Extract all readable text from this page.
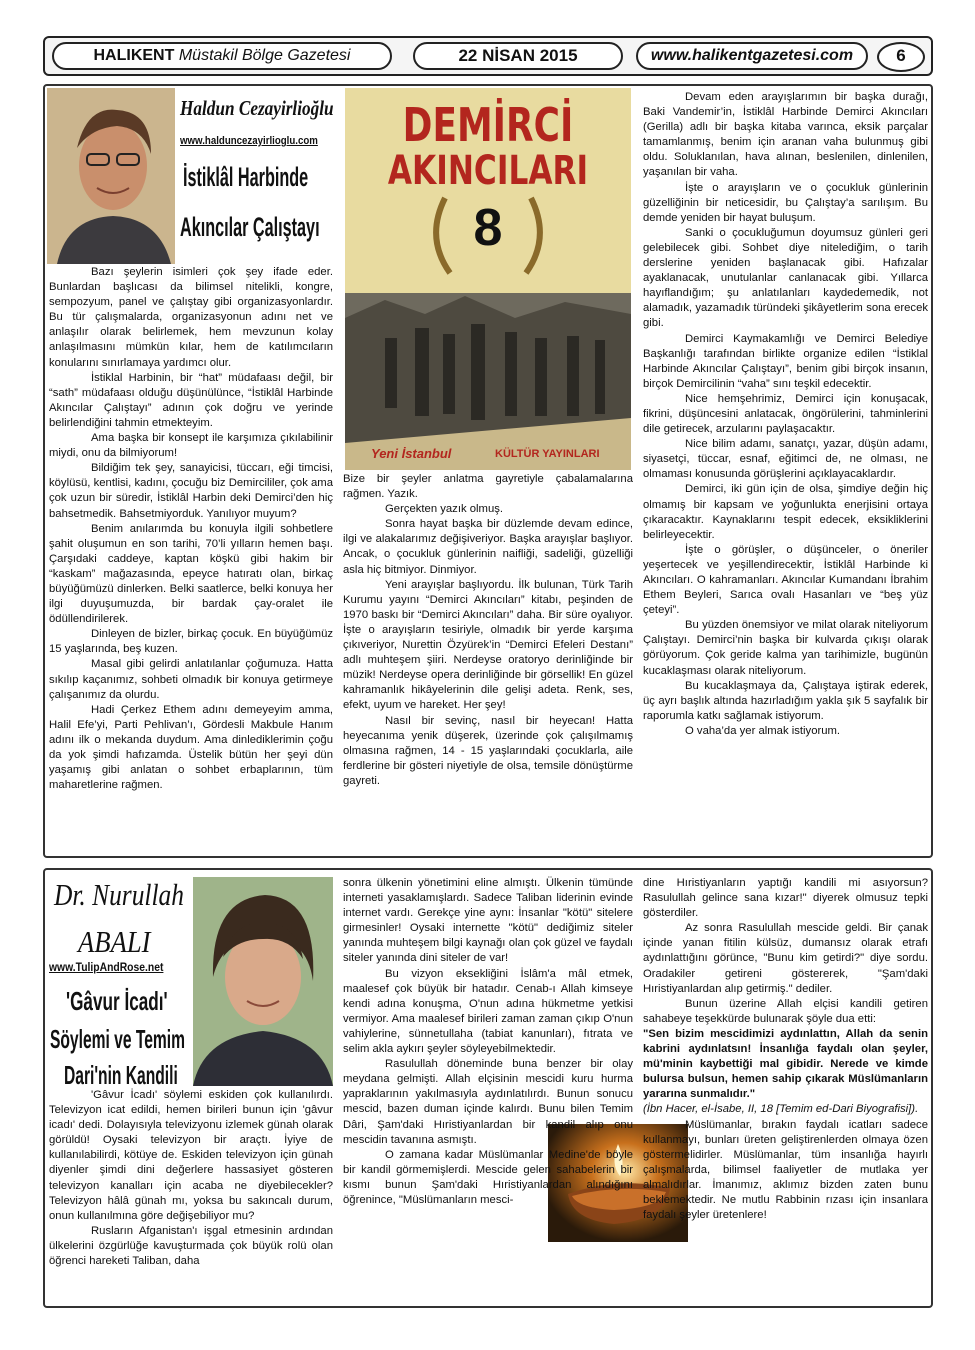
HALIKENT Müstakil Bölge Gazetesi	22 NİSAN 2015	www.halikentgazetesi.com	6
Haldun Cezayirlioğlu
www.haldunсezayirlioglu.com
İstiklâl Harbinde
Akıncılar Çalıştayı
DEMİRCİ
AKINCILARI
8
Yeni İstanbul	KÜLTÜR YAYINLARI

Bazı şeylerin isimleri çok şey ifade eder. Bunlardan başlıcası da bilimsel nitelikli, kongre, sempozyum, panel ve çalıştay gibi organizasyonlardır. Bu tür çalışmalarda, organizasyonun adını net ve anlaşılır olarak belirlemek, hem mevzunun kolay anlaşılmasını mümkün kılar, hem de katılımcıların konularını sınırlamaya yardımcı olur.

İstiklal Harbinin, bir “hat” müdafaası değil, bir “sath” müdafaası olduğu düşünülünce, “İstiklâl Harbinde Akıncılar Çalıştayı” adının çok doğru ve yerinde belirlendiğini tahmin etmekteyim.

Ama başka bir konsept ile karşımıza çıkılabilinir miydi, onu da bilmiyorum!

Bildiğim tek şey, sanayicisi, tüccarı, eği timcisi, köylüsü, kentlisi, kadını, çocuğu biz Demircililer, çok ama çok uzun bir süredir, İstiklâl Harbin deki Demirci’den hiç bahsetmedik. Bahsetmiyorduk. Yanılıyor muyum?

Benim anılarımda bu konuyla ilgili sohbetlere şahit oluşumun en son tarihi, 70’li yılların hemen başı. Çarşıdaki caddeye, kaptan köşkü gibi hakim bir “kaskam” mağazasında, epeyce hatıratı olan, birkaç büyüğümüzü dinlerken. Belki saatlerce, belki konuya her ilgi duyuşumuzda, bir bardak çay-oralet ile ödüllendirilerek.

Dinleyen de bizler, birkaç çocuk. En büyüğümüz 15 yaşlarında, beş kuzen.

Masal gibi gelirdi anlatılanlar çoğumuza. Hatta sıkılıp kaçanımız, sohbeti olmadık bir konuya getirmeye çalışanımız da olurdu.

Hadi Çerkez Ethem adını demeyeyim amma, Halil Efe’yi, Parti Pehlivan’ı, Gördesli Makbule Hanım adını ilk o mekanda duydum. Ama dinlediklerimin çoğu da yok şimdi hafızamda. Üstelik bütün her şeyi dün yaşamış gibi anlatan o sohbet erbaplarının, tüm maharetlerine rağmen.

Bize bir şeyler anlatma gayretiyle çabalamalarına rağmen. Yazık.

Gerçekten yazık olmuş.

Sonra hayat başka bir düzlemde devam edince, ilgi ve alakalarımız değişiveriyor. Başka arayışlar başlıyor. Ancak, o çocukluk günlerinin naifliği, sadeliği, güzelliği asla hiç bitmiyor. Dinmiyor.

Yeni arayışlar başlıyordu. İlk bulunan, Türk Tarih Kurumu yayını “Demirci Akıncıları” kitabı, peşinden de 1970 baskı bir “Demirci Akıncıları” daha. Bir süre oyalıyor. İşte o arayışların tesiriyle, olmadık bir yerde karşıma çıkıveriyor, Nurettin Özyürek’in “Demirci Efeleri Destanı” adlı muhteşem şiiri. Nerdeyse oratoryo derinliğinde bir müzik! Nerdeyse opera derinliğinde bir görsellik! En güzel kahramanlık hikâyelerinin dile gelişi adeta. Renk, ses, efekt, uyum ve hareket. Her şey!

Nasıl bir sevinç, nasıl bir heyecan! Hatta heyecanıma yenik düşerek, üzerinde çok çalışılmamış olmasına rağmen, 14 - 15 yaşlarındaki çocuklarla, aile ferdlerine bir gösteri niyetiyle de olsa, temsile dönüştürme gayreti.

Devam eden arayışlarımın bir başka durağı, Baki Vandemir’in, İstiklâl Harbinde Demirci Akıncıları (Gerilla) adlı bir başka kitaba varınca, eksik parçalar tamamlanmış, benim için aranan vaha bulunmuş gibi oldu. Soluklanılan, hava alınan, beslenilen, dinlenilen, yaşanılan bir vaha.

İşte o arayışların ve o çocukluk günlerinin güzelliğinin bir neticesidir, bu Çalıştay’a sarılışım. Bu demde yeniden bir hayat buluşum.

Sanki o çocukluğumun doyumsuz günleri geri gelebilecek gibi. Sohbet diye nitelediğim, o tarih derslerine yeniden başlanacak gibi. Hafızalar ayaklanacak, unutulanlar canlanacak gibi. Yıllarca hayıflandığım; şu anlatılanları kaydedemedik, not alamadık, yazamadık türündeki şikâyetlerim sona erecek gibi.

Demirci Kaymakamlığı ve Demirci Belediye Başkanlığı tarafından birlikte organize edilen “İstiklal Harbinde Akıncılar Çalıştayı”, benim gibi birçok insanın, birçok Demircilinin “vaha” sını teşkil edecektir.

Nice hemşehrimiz, Demirci için konuşacak, fikrini, düşüncesini anlatacak, öngörülerini, tahminlerini dile getirecek, arzularını paylaşacaktır.

Nice bilim adamı, sanatçı, yazar, düşün adamı, siyasetçi, tüccar, esnaf, eğitimci de, ne olması, ne olmaması konusunda görüşlerini açıklayacaklardır.

Demirci, iki gün için de olsa, şimdiye değin hiç olmamış bir kapsam ve yoğunlukta enerjisini ortaya çıkaracaktır. Kaynaklarını tespit edecek, eksikliklerini belirleyecektir.

İşte o görüşler, o düşünceler, o öneriler yeşertecek ve yeşillendirecektir, İstiklâl Harbinde ki Akıncıları. O kahramanları. Akıncılar Kumandanı İbrahim Ethem Beyleri, Sarıca ovalı Hasanları ve “beş yüz çeteyi”.

Bu yüzden önemsiyor ve milat olarak niteliyorum Çalıştayı. Demirci’nin başka bir kulvarda çıkışı olarak görüyorum. Çok geride kalma yan tarihimizle, bugünün kucaklaşması olarak niteliyorum.

Bu kucaklaşmaya da, Çalıştaya iştirak ederek, üç ayrı başlık altında hazırladığım yakla şık 5 sayfalık bir raporumla katkı sağlamak istiyorum.

O vaha’da yer almak istiyorum.

Dr. Nurullah
ABALI
www.TulipAndRose.net
'Gâvur İcadı'
Söylemi ve Temim
Dari'nin Kandili

'Gâvur İcadı' söylemi eskiden çok kullanılırdı. Televizyon icat edildi, hemen birileri bunun için 'gâvur icadı' dedi. Dolayısıyla televizyonu izlemek günah olarak görüldü! Oysaki televizyon bir araçtı. İyiye de kullanılabilirdi, kötüye de. Eskiden televizyon için günah diyenler şimdi dini değerlere hassasiyet gösteren televizyon kanalları için acaba ne diyebilecekler? Televizyon hâlâ günah mı, yoksa bu sakıncalı durum, onun kullanılmına göre değişebiliyor mu?

Rusların Afganistan'ı işgal etmesinin ardından ülkelerini özgürlüğe kavuşturmada çok büyük rolü olan öğrenci hareketi Taliban, daha

sonra ülkenin yönetimini eline almıştı. Ülkenin tümünde interneti yasaklamışlardı. Sadece Taliban liderinin evinde internet vardı. Gerekçe yine aynı: İnsanlar "kötü" sitelere girmesinler! Oysaki internette "kötü" dediğimiz siteler yanında muhteşem bilgi kaynağı olan çok güzel ve faydalı siteler yanında dini siteler de var!

Bu vizyon eksekliğini İslâm'a mâl etmek, maalesef çok büyük bir hatadır. Cenab-ı Allah kimseye kendi adına konuşma, O'nun adına hükmetme yetkisi vermiyor. Ama maalesef birileri zaman zaman çıkıp O'nun vahiylerine, sünnetullaha (tabiat kanunları), fıtrata ve selim akla aykırı şeyler söyleyebilmektedir.

Rasulullah döneminde buna benzer bir olay meydana gelmişti. Allah elçisinin mescidi kuru hurma yapraklarının yakılmasıyla aydınlatılırdı. Bunun sonucu mescid, bazen duman içinde kalırdı. Bunu bilen Temim Dâri, Şam'daki Hıristiyanlardan bir kandil alıp onu mescidin tavanına asmıştı.

O zamana kadar Müslümanlar Medine'de böyle bir kandil görmemişlerdi. Mescide gelen sahabelerin bir kısmı bunun Şam'daki Hıristiyanlardan alındığını öğrenince, "Müslümanların mesci-

dine Hıristiyanların yaptığı kandili mi asıyorsun? Rasulullah gelince sana kızar!" diyerek olmusuz tepki gösterdiler.

Az sonra Rasulullah mescide geldi. Bir çanak içinde yanan fitilin külsüz, dumansız olarak etrafı aydınlattığını görünce, "Bunu kim getirdi?" diye sordu. Oradakiler getireni göstererek, "Şam'daki Hıristiyanlardan alıp getirmiş." dediler.

Bunun üzerine Allah elçisi kandili getiren sahabeye teşekkürde bulunarak şöyle dua etti:

"Sen bizim mescidimizi aydınlattın, Allah da senin kabrini aydınlatsın! İnsanlığa faydalı olan şeyler, mü'minin kaybettiği mal gibidir. Nerede ve kimde bulursa bulsun, hemen sahip çıkarak Müslümanların yararına sunmalıdır."

(İbn Hacer, el-İsabe, II, 18 [Temim ed-Dari Biyografisi]).

Müslümanlar, bırakın faydalı icatları sadece kullanmayı, bunları üreten geliştirenlerden olmaya özen göstermelidirler. Müslümanlar, tüm insanlığa hayırlı çalışmalarda, bilimsel faaliyetler de mutlaka yer almalıdırlar. İmanımız, aklımız bizden zaten bunu beklemektedir. Ne mutlu Rabbinin rızası için insanlara faydalı şeyler üretenlere!
